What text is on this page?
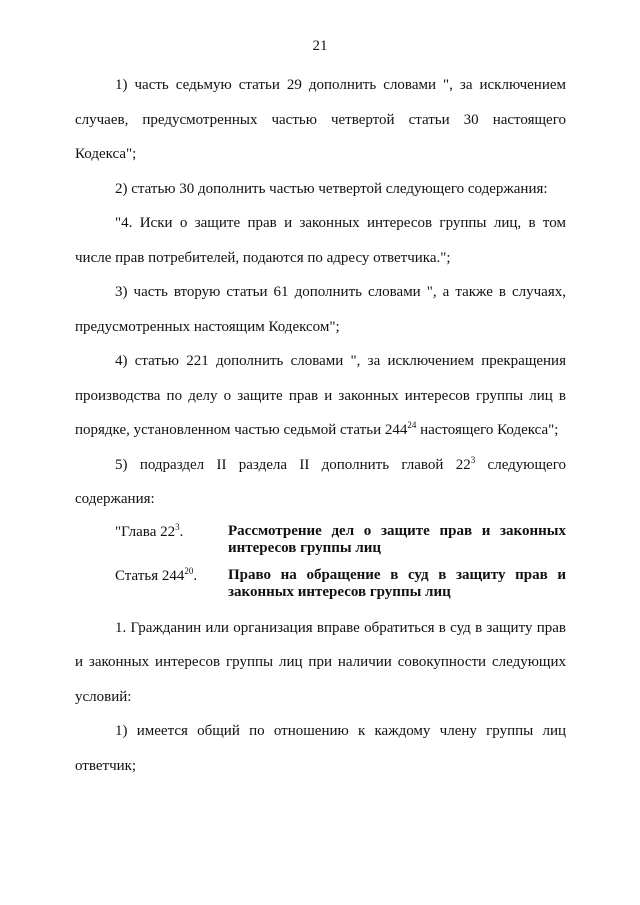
21

1) часть седьмую статьи 29 дополнить словами ", за исключением случаев, предусмотренных частью четвертой статьи 30 настоящего Кодекса";

2) статью 30 дополнить частью четвертой следующего содержания:

"4. Иски о защите прав и законных интересов группы лиц, в том числе прав потребителей, подаются по адресу ответчика.";

3) часть вторую статьи 61 дополнить словами ", а также в случаях, предусмотренных настоящим Кодексом";

4) статью 221 дополнить словами ", за исключением прекращения производства по делу о защите прав и законных интересов группы лиц в порядке, установленном частью седьмой статьи $244^{24}$ настоящего Кодекса";

5) подраздел II раздела II дополнить главой $22^3$ следующего содержания:

"Глава $22^3$.	Рассмотрение дел о защите прав и законных интересов группы лиц
Статья $244^{20}$.	Право на обращение в суд в защиту прав и законных интересов группы лиц

1. Гражданин или организация вправе обратиться в суд в защиту прав и законных интересов группы лиц при наличии совокупности следующих условий:

1) имеется общий по отношению к каждому члену группы лиц ответчик;
